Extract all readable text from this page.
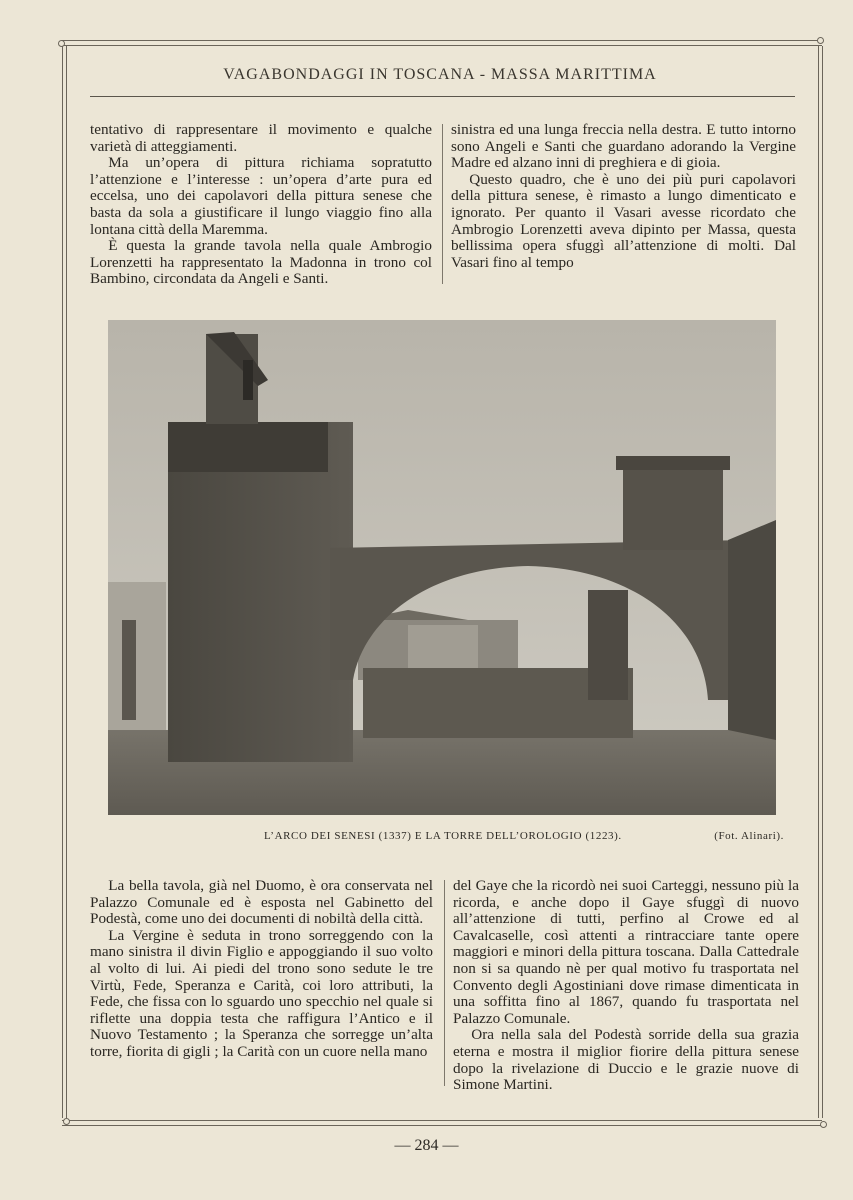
VAGABONDAGGI IN TOSCANA - MASSA MARITTIMA

tentativo di rappresentare il movimento e qualche varietà di atteggiamenti.

Ma un’opera di pittura richiama sopratutto l’attenzione e l’interesse : un’opera d’arte pura ed eccelsa, uno dei capolavori della pittura senese che basta da sola a giustificare il lungo viaggio fino alla lontana città della Maremma.

È questa la grande tavola nella quale Ambrogio Lorenzetti ha rappresentato la Madonna in trono col Bambino, circondata da Angeli e Santi.

sinistra ed una lunga freccia nella destra. E tutto intorno sono Angeli e Santi che guardano adorando la Vergine Madre ed alzano inni di preghiera e di gioia.

Questo quadro, che è uno dei più puri capolavori della pittura senese, è rimasto a lungo dimenticato e ignorato. Per quanto il Vasari avesse ricordato che Ambrogio Lorenzetti aveva dipinto per Massa, questa bellissima opera sfuggì all’attenzione di molti. Dal Vasari fino al tempo

L’ARCO DEI SENESI (1337) E LA TORRE DELL’OROLOGIO (1223).	(Fot. Alinari).

La bella tavola, già nel Duomo, è ora conservata nel Palazzo Comunale ed è esposta nel Gabinetto del Podestà, come uno dei documenti di nobiltà della città.

La Vergine è seduta in trono sorreggendo con la mano sinistra il divin Figlio e appoggiando il suo volto al volto di lui. Ai piedi del trono sono sedute le tre Virtù, Fede, Speranza e Carità, coi loro attributi, la Fede, che fissa con lo sguardo uno specchio nel quale si riflette una doppia testa che raffigura l’Antico e il Nuovo Testamento ; la Speranza che sorregge un’alta torre, fiorita di gigli ; la Carità con un cuore nella mano

del Gaye che la ricordò nei suoi Carteggi, nessuno più la ricorda, e anche dopo il Gaye sfuggì di nuovo all’attenzione di tutti, perfino al Crowe ed al Cavalcaselle, così attenti a rintracciare tante opere maggiori e minori della pittura toscana. Dalla Cattedrale non si sa quando nè per qual motivo fu trasportata nel Convento degli Agostiniani dove rimase dimenticata in una soffitta fino al 1867, quando fu trasportata nel Palazzo Comunale.

Ora nella sala del Podestà sorride della sua grazia eterna e mostra il miglior fiorire della pittura senese dopo la rivelazione di Duccio e le grazie nuove di Simone Martini.

— 284 —
